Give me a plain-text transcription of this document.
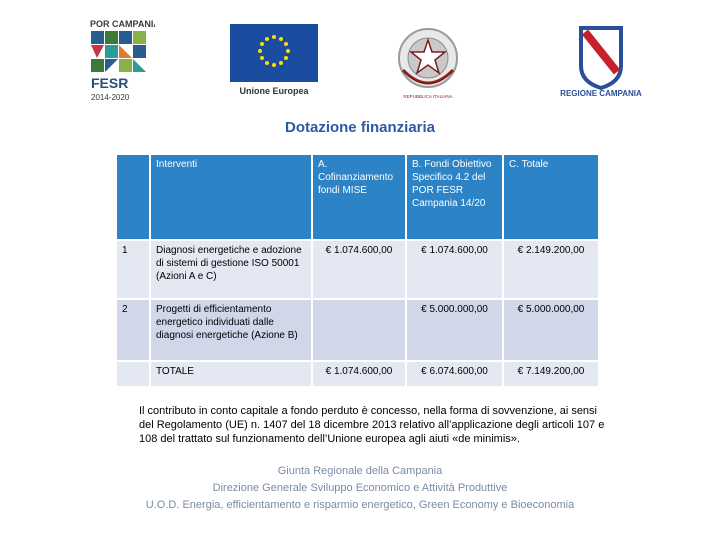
POR CAMPANIA
FESR
2014-2020
Unione Europea
REPUBBLICA ITALIANA	REGIONE CAMPANIA
Dotazione finanziaria
	Interventi	A. Cofinanziamento fondi MISE	B. Fondi Obiettivo Specifico 4.2 del POR FESR Campania 14/20	C. Totale
1	Diagnosi energetiche e adozione di sistemi di gestione ISO 50001 (Azioni A e C)	€ 1.074.600,00	€ 1.074.600,00	€ 2.149.200,00
2	Progetti di efficientamento energetico individuati dalle diagnosi energetiche (Azione B)		€ 5.000.000,00	€ 5.000.000,00
	TOTALE	€ 1.074.600,00	€ 6.074.600,00	€ 7.149.200,00
Il contributo in conto capitale a fondo perduto è concesso, nella forma di sovvenzione, ai sensi del Regolamento (UE) n. 1407 del 18 dicembre 2013 relativo all’applicazione degli articoli 107 e 108 del trattato sul funzionamento dell’Unione europea agli aiuti «de minimis».
Giunta Regionale della Campania
Direzione Generale Sviluppo Economico e Attività Produttive
U.O.D. Energia, efficientamento e risparmio energetico, Green Economy e Bioeconomia
